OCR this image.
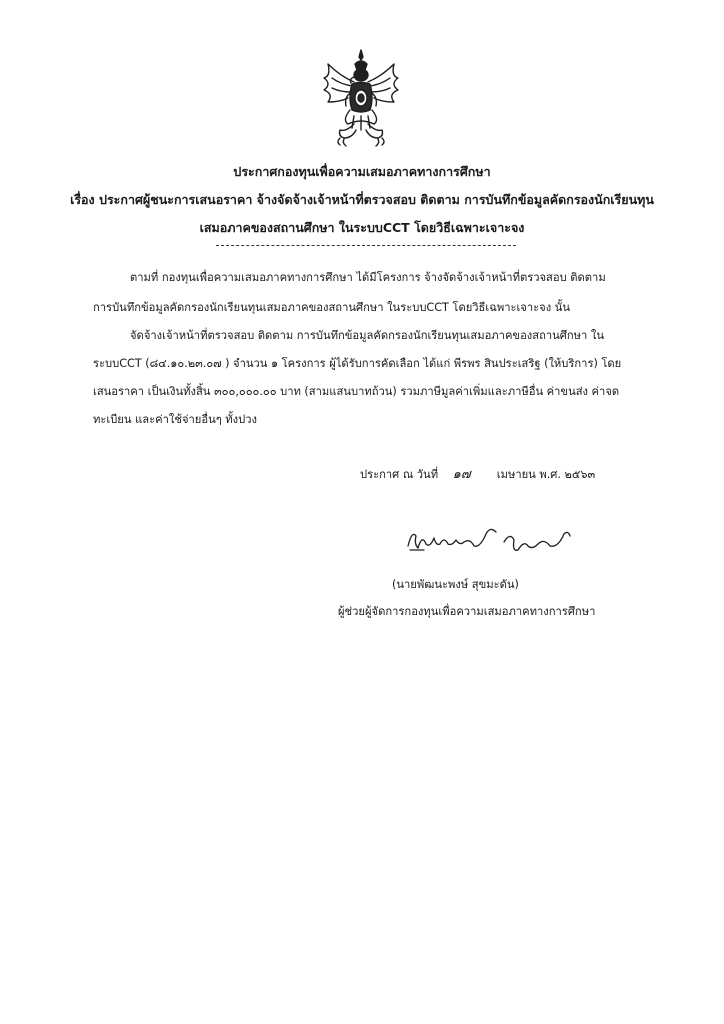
ประกาศกองทุนเพื่อความเสมอภาคทางการศึกษา
เรื่อง ประกาศผู้ชนะการเสนอราคา จ้างจัดจ้างเจ้าหน้าที่ตรวจสอบ ติดตาม การบันทึกข้อมูลคัดกรองนักเรียนทุน
เสมอภาคของสถานศึกษา ในระบบCCT โดยวิธีเฉพาะเจาะจง
ตามที่ กองทุนเพื่อความเสมอภาคทางการศึกษา ได้มีโครงการ จ้างจัดจ้างเจ้าหน้าที่ตรวจสอบ ติดตาม
การบันทึกข้อมูลคัดกรองนักเรียนทุนเสมอภาคของสถานศึกษา ในระบบCCT โดยวิธีเฉพาะเจาะจง นั้น
จัดจ้างเจ้าหน้าที่ตรวจสอบ ติดตาม การบันทึกข้อมูลคัดกรองนักเรียนทุนเสมอภาคของสถานศึกษา ใน
ระบบCCT (๘๔.๑๐.๒๓.๐๗ ) จำนวน ๑ โครงการ ผู้ได้รับการคัดเลือก ได้แก่ พีรพร สินประเสริฐ (ให้บริการ) โดย
เสนอราคา เป็นเงินทั้งสิ้น ๓๐๐,๐๐๐.๐๐ บาท (สามแสนบาทถ้วน) รวมภาษีมูลค่าเพิ่มและภาษีอื่น ค่าขนส่ง ค่าจด
ทะเบียน และค่าใช้จ่ายอื่นๆ ทั้งปวง
ประกาศ ณ วันที่ ๑๗ เมษายน พ.ศ. ๒๕๖๓
(นายพัฒนะพงษ์ สุขมะดัน)
ผู้ช่วยผู้จัดการกองทุนเพื่อความเสมอภาคทางการศึกษา
